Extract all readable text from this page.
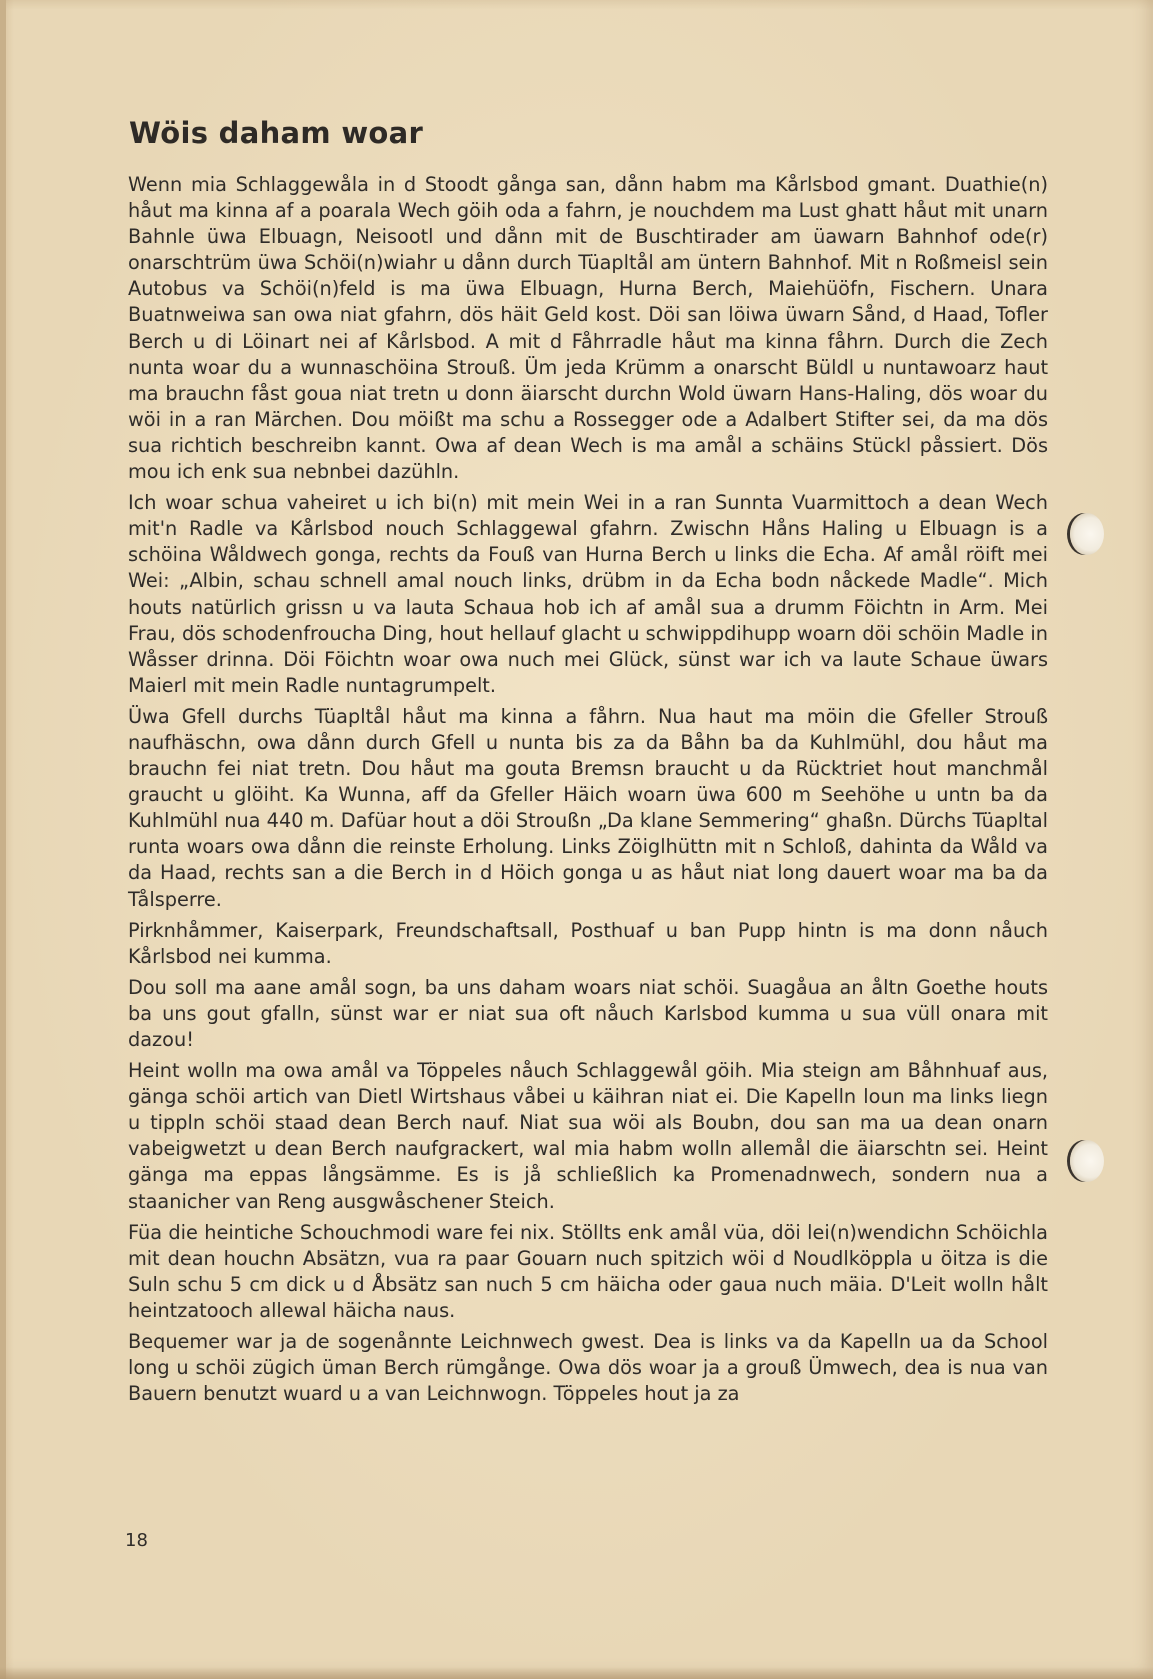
Wöis daham woar

Wenn mia Schlaggewåla in d Stoodt gånga san, dånn habm ma Kårlsbod gmant. Duathie(n) håut ma kinna af a poarala Wech göih oda a fahrn, je nouchdem ma Lust ghatt håut mit unarn Bahnle üwa Elbuagn, Neisootl und dånn mit de Buschtirader am üawarn Bahnhof ode(r) onarschtrüm üwa Schöi(n)wiahr u dånn durch Tüapltål am üntern Bahnhof. Mit n Roßmeisl sein Autobus va Schöi(n)feld is ma üwa Elbuagn, Hurna Berch, Maiehüöfn, Fischern. Unara Buatnweiwa san owa niat gfahrn, dös häit Geld kost. Döi san löiwa üwarn Sånd, d Haad, Tofler Berch u di Löinart nei af Kårlsbod. A mit d Fåhrradle håut ma kinna fåhrn. Durch die Zech nunta woar du a wunnaschöina Strouß. Üm jeda Krümm a onarscht Büldl u nuntawoarz haut ma brauchn fåst goua niat tretn u donn äiarscht durchn Wold üwarn Hans-Haling, dös woar du wöi in a ran Märchen. Dou möißt ma schu a Rossegger ode a Adalbert Stifter sei, da ma dös sua richtich beschreibn kannt. Owa af dean Wech is ma amål a schäins Stückl påssiert. Dös mou ich enk sua nebnbei dazühln.

Ich woar schua vaheiret u ich bi(n) mit mein Wei in a ran Sunnta Vuarmittoch a dean Wech mit'n Radle va Kårlsbod nouch Schlaggewal gfahrn. Zwischn Håns Haling u Elbuagn is a schöina Wåldwech gonga, rechts da Fouß van Hurna Berch u links die Echa. Af amål röift mei Wei: „Albin, schau schnell amal nouch links, drübm in da Echa bodn nåckede Madle“. Mich houts natürlich grissn u va lauta Schaua hob ich af amål sua a drumm Föichtn in Arm. Mei Frau, dös schodenfroucha Ding, hout hellauf glacht u schwippdihupp woarn döi schöin Madle in Wåsser drinna. Döi Föichtn woar owa nuch mei Glück, sünst war ich va laute Schaue üwars Maierl mit mein Radle nuntagrumpelt.

Üwa Gfell durchs Tüapltål håut ma kinna a fåhrn. Nua haut ma möin die Gfeller Strouß naufhäschn, owa dånn durch Gfell u nunta bis za da Båhn ba da Kuhlmühl, dou håut ma brauchn fei niat tretn. Dou håut ma gouta Bremsn braucht u da Rücktriet hout manchmål graucht u glöiht. Ka Wunna, aff da Gfeller Häich woarn üwa 600 m Seehöhe u untn ba da Kuhlmühl nua 440 m. Dafüar hout a döi Stroußn „Da klane Semmering“ ghaßn. Dürchs Tüapltal runta woars owa dånn die reinste Erholung. Links Zöiglhüttn mit n Schloß, dahinta da Wåld va da Haad, rechts san a die Berch in d Höich gonga u as håut niat long dauert woar ma ba da Tålsperre.

Pirknhåmmer, Kaiserpark, Freundschaftsall, Posthuaf u ban Pupp hintn is ma donn nåuch Kårlsbod nei kumma.

Dou soll ma aane amål sogn, ba uns daham woars niat schöi. Suagåua an åltn Goethe houts ba uns gout gfalln, sünst war er niat sua oft nåuch Karlsbod kumma u sua vüll onara mit dazou!

Heint wolln ma owa amål va Töppeles nåuch Schlaggewål göih. Mia steign am Båhnhuaf aus, gänga schöi artich van Dietl Wirtshaus våbei u käihran niat ei. Die Kapelln loun ma links liegn u tippln schöi staad dean Berch nauf. Niat sua wöi als Boubn, dou san ma ua dean onarn vabeigwetzt u dean Berch naufgrackert, wal mia habm wolln allemål die äiarschtn sei. Heint gänga ma eppas långsämme. Es is jå schließlich ka Promenadnwech, sondern nua a staanicher van Reng ausgwåschener Steich.

Füa die heintiche Schouchmodi ware fei nix. Stöllts enk amål vüa, döi lei(n)wendichn Schöichla mit dean houchn Absätzn, vua ra paar Gouarn nuch spitzich wöi d Noudlköppla u öitza is die Suln schu 5 cm dick u d Åbsätz san nuch 5 cm häicha oder gaua nuch mäia. D'Leit wolln hålt heintzatooch allewal häicha naus.

Bequemer war ja de sogenånnte Leichnwech gwest. Dea is links va da Kapelln ua da School long u schöi zügich üman Berch rümgånge. Owa dös woar ja a grouß Ümwech, dea is nua van Bauern benutzt wuard u a van Leichnwogn. Töppeles hout ja za

18
